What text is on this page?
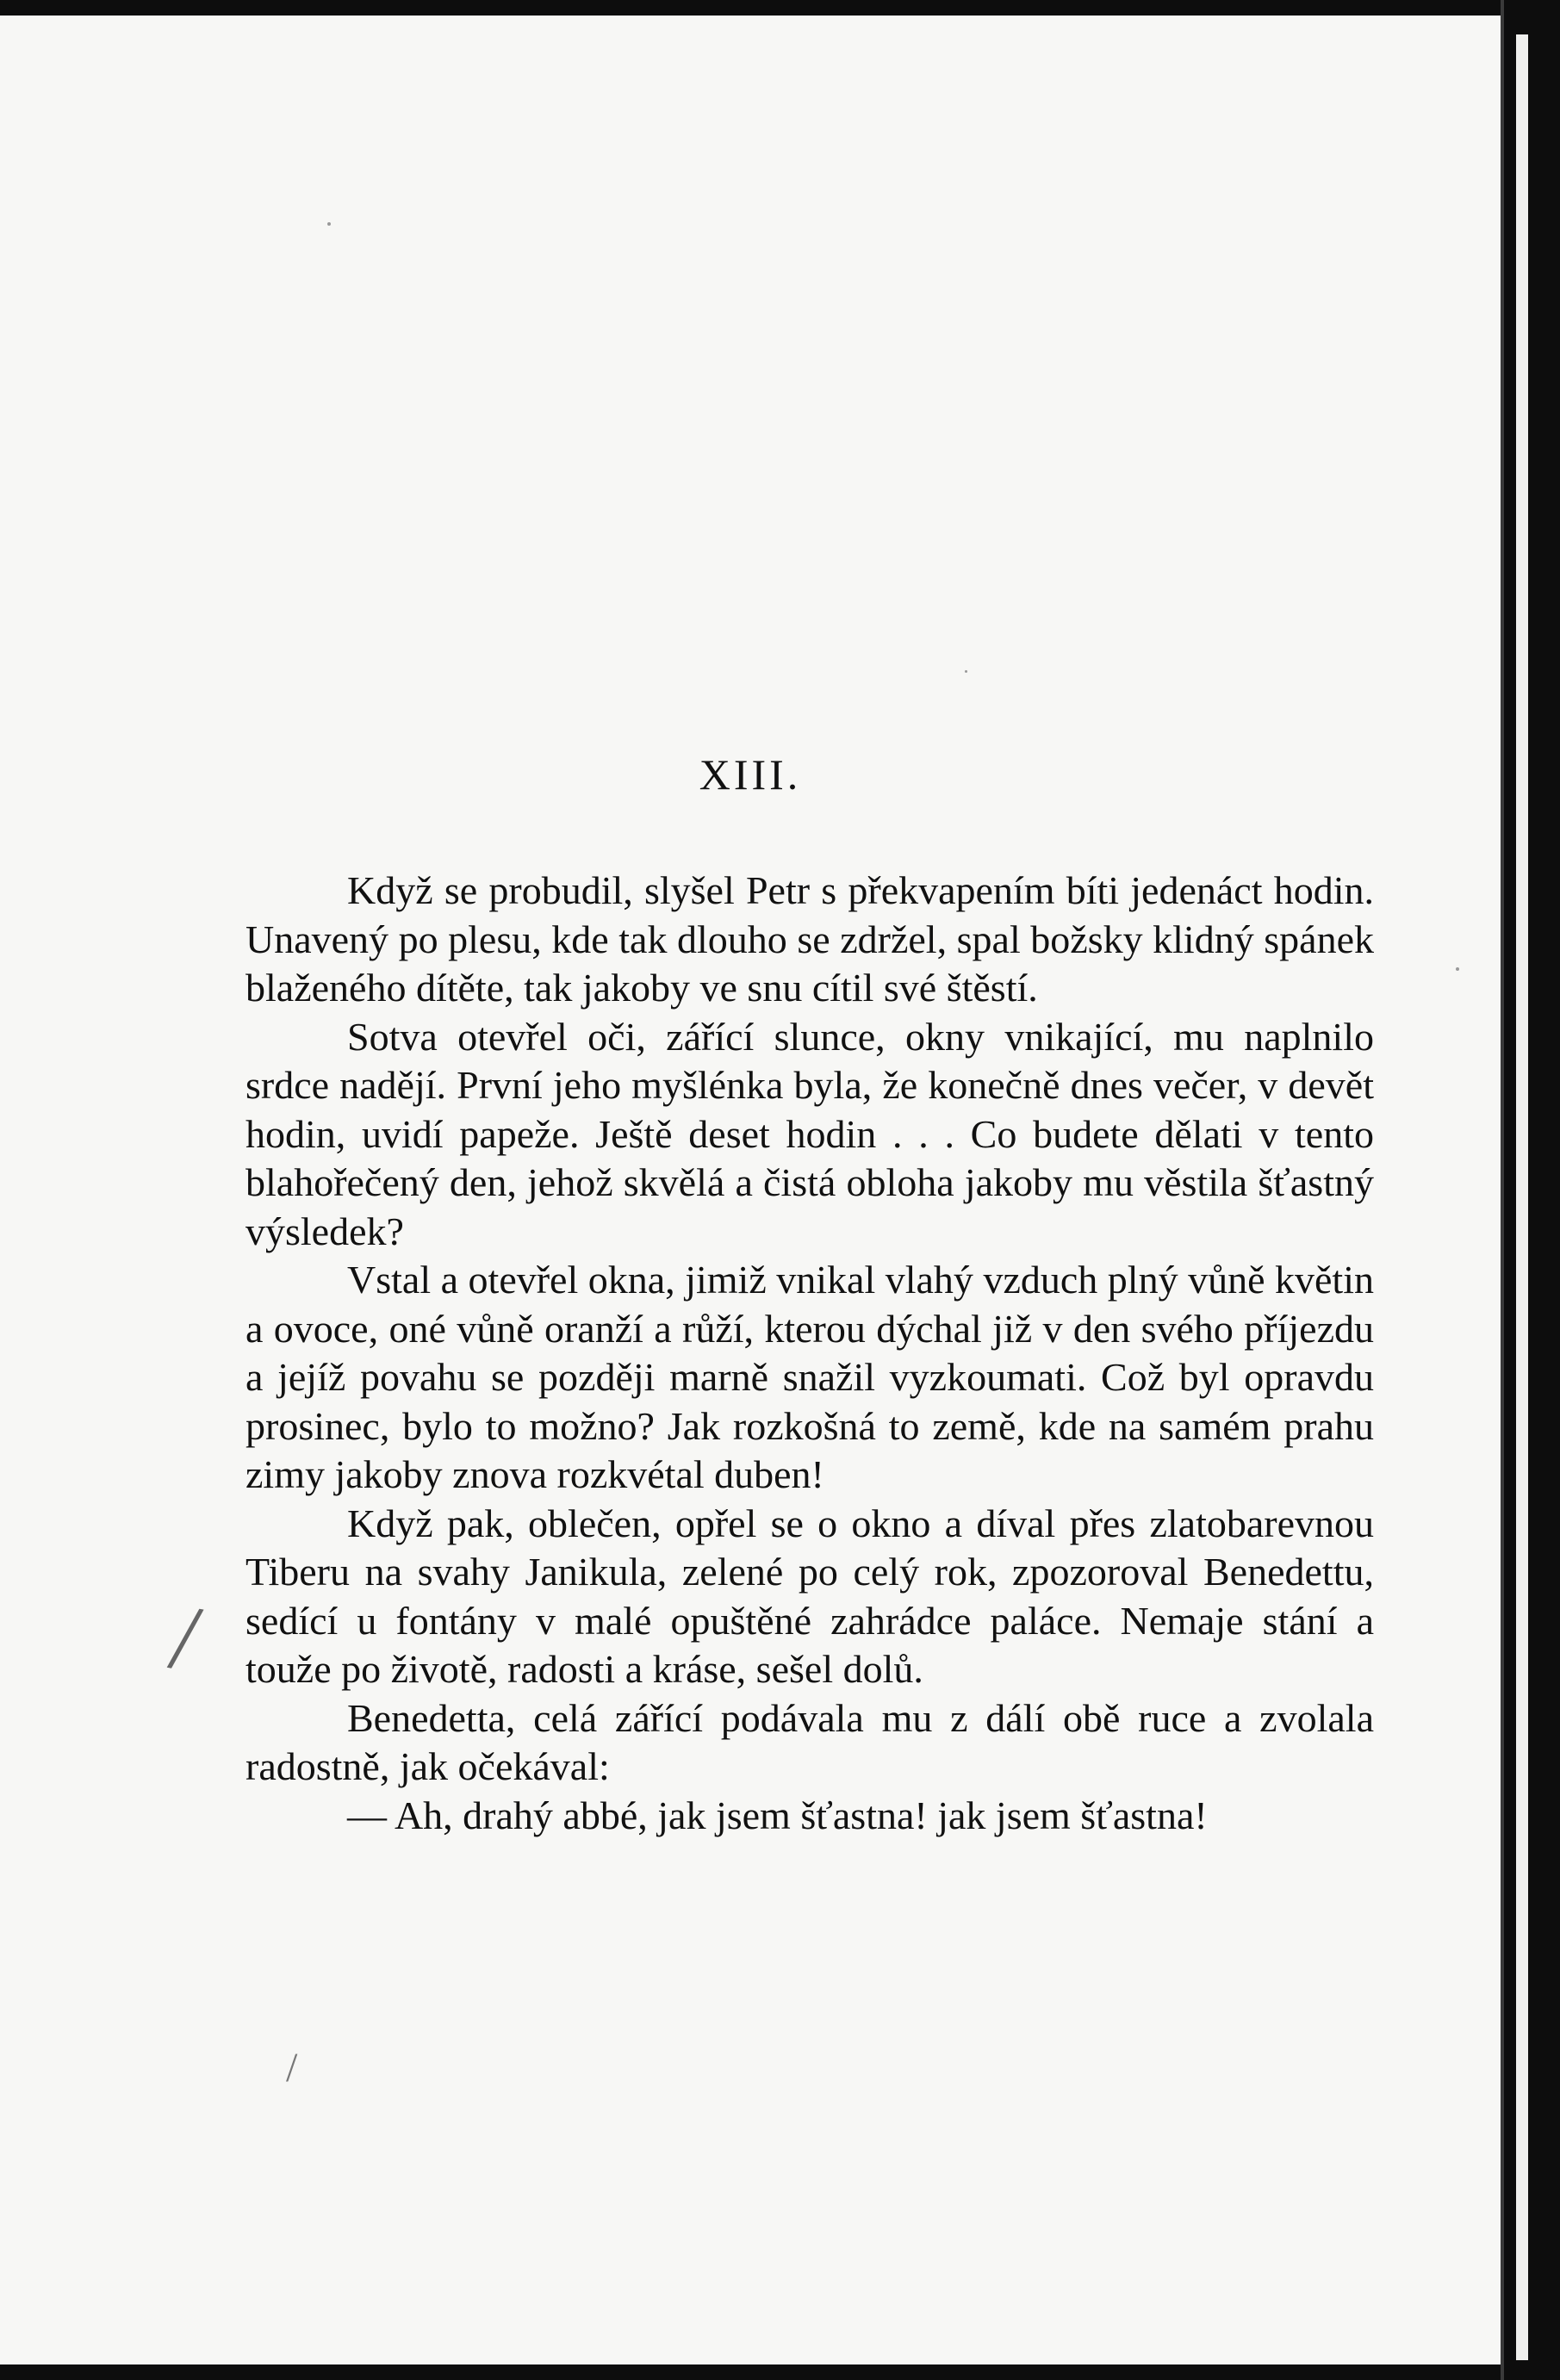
XIII.

Když se probudil, slyšel Petr s překvapením bíti jedenáct hodin. Unavený po plesu, kde tak dlouho se zdržel, spal božsky klidný spánek blaženého dítěte, tak jakoby ve snu cítil své štěstí.

Sotva otevřel oči, zářící slunce, okny vnikající, mu naplnilo srdce nadějí. První jeho myšlénka byla, že konečně dnes večer, v devět hodin, uvidí papeže. Ještě deset hodin . . . Co budete dělati v tento blahořečený den, jehož skvělá a čistá obloha jakoby mu věstila šťastný výsledek?

Vstal a otevřel okna, jimiž vnikal vlahý vzduch plný vůně květin a ovoce, oné vůně oranží a růží, kterou dýchal již v den svého příjezdu a jejíž povahu se později marně snažil vyzkoumati. Což byl opravdu prosinec, bylo to možno? Jak rozkošná to země, kde na samém prahu zimy jakoby znova rozkvétal duben!

Když pak, oblečen, opřel se o okno a díval přes zlatobarevnou Tiberu na svahy Janikula, zelené po celý rok, zpozoroval Benedettu, sedící u fontány v malé opuštěné zahrádce paláce. Nemaje stání a touže po životě, radosti a kráse, sešel dolů.

Benedetta, celá zářící podávala mu z dálí obě ruce a zvolala radostně, jak očekával:

— Ah, drahý abbé, jak jsem šťastna! jak jsem šťastna!

/
/
